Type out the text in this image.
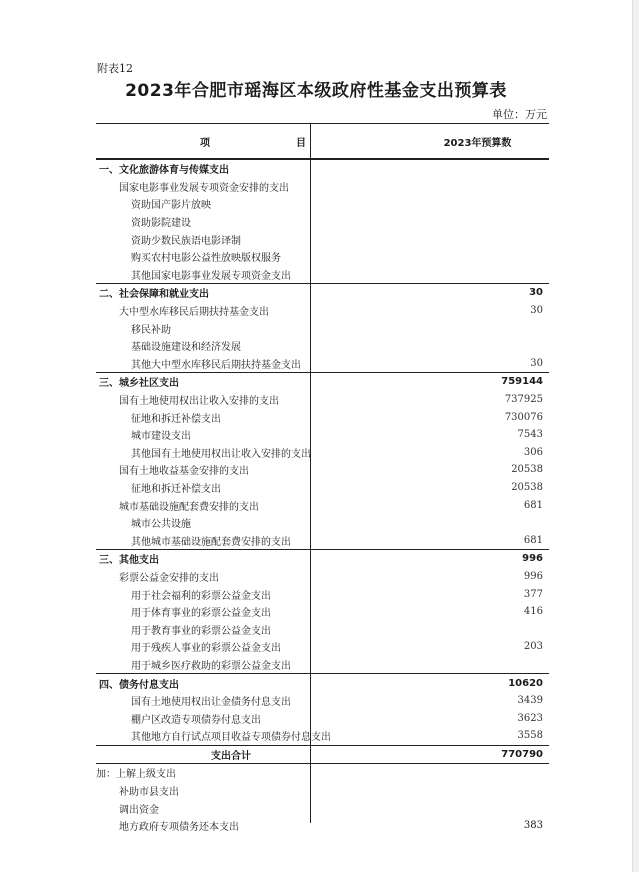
附表12
2023年合肥市瑶海区本级政府性基金支出预算表
单位：万元
项	目	2023年预算数
一、文化旅游体育与传媒支出
国家电影事业发展专项资金安排的支出
资助国产影片放映
资助影院建设
资助少数民族语电影译制
购买农村电影公益性放映版权服务
其他国家电影事业发展专项资金支出
二、社会保障和就业支出	30
大中型水库移民后期扶持基金支出	30
移民补助
基础设施建设和经济发展
其他大中型水库移民后期扶持基金支出	30
三、城乡社区支出	759144
国有土地使用权出让收入安排的支出	737925
征地和拆迁补偿支出	730076
城市建设支出	7543
其他国有土地使用权出让收入安排的支出	306
国有土地收益基金安排的支出	20538
征地和拆迁补偿支出	20538
城市基础设施配套费安排的支出	681
城市公共设施
其他城市基础设施配套费安排的支出	681
三、其他支出	996
彩票公益金安排的支出	996
用于社会福利的彩票公益金支出	377
用于体育事业的彩票公益金支出	416
用于教育事业的彩票公益金支出
用于残疾人事业的彩票公益金支出	203
用于城乡医疗救助的彩票公益金支出
四、债务付息支出	10620
国有土地使用权出让金债务付息支出	3439
棚户区改造专项债券付息支出	3623
其他地方自行试点项目收益专项债券付息支出	3558
支出合计	770790
加：上解上级支出
补助市县支出
调出资金
地方政府专项债务还本支出	383
